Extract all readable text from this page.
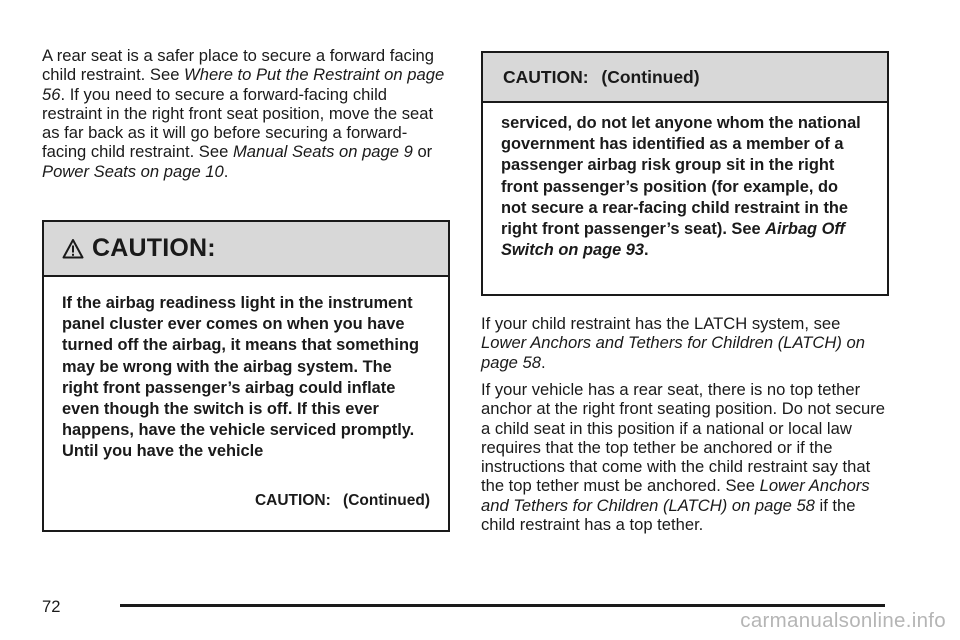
A rear seat is a safer place to secure a forward facing child restraint. See Where to Put the Restraint on page 56. If you need to secure a forward-facing child restraint in the right front seat position, move the seat as far back as it will go before securing a forward-facing child restraint. See Manual Seats on page 9 or Power Seats on page 10.

CAUTION:
If the airbag readiness light in the instrument panel cluster ever comes on when you have turned off the airbag, it means that something may be wrong with the airbag system. The right front passenger’s airbag could inflate even though the switch is off. If this ever happens, have the vehicle serviced promptly. Until you have the vehicle
CAUTION: (Continued)
CAUTION: (Continued)
serviced, do not let anyone whom the national government has identified as a member of a passenger airbag risk group sit in the right front passenger’s position (for example, do not secure a rear-facing child restraint in the right front passenger’s seat). See Airbag Off Switch on page 93.

If your child restraint has the LATCH system, see Lower Anchors and Tethers for Children (LATCH) on page 58.

If your vehicle has a rear seat, there is no top tether anchor at the right front seating position. Do not secure a child seat in this position if a national or local law requires that the top tether be anchored or if the instructions that come with the child restraint say that the top tether must be anchored. See Lower Anchors and Tethers for Children (LATCH) on page 58 if the child restraint has a top tether.

72
carmanualsonline.info
